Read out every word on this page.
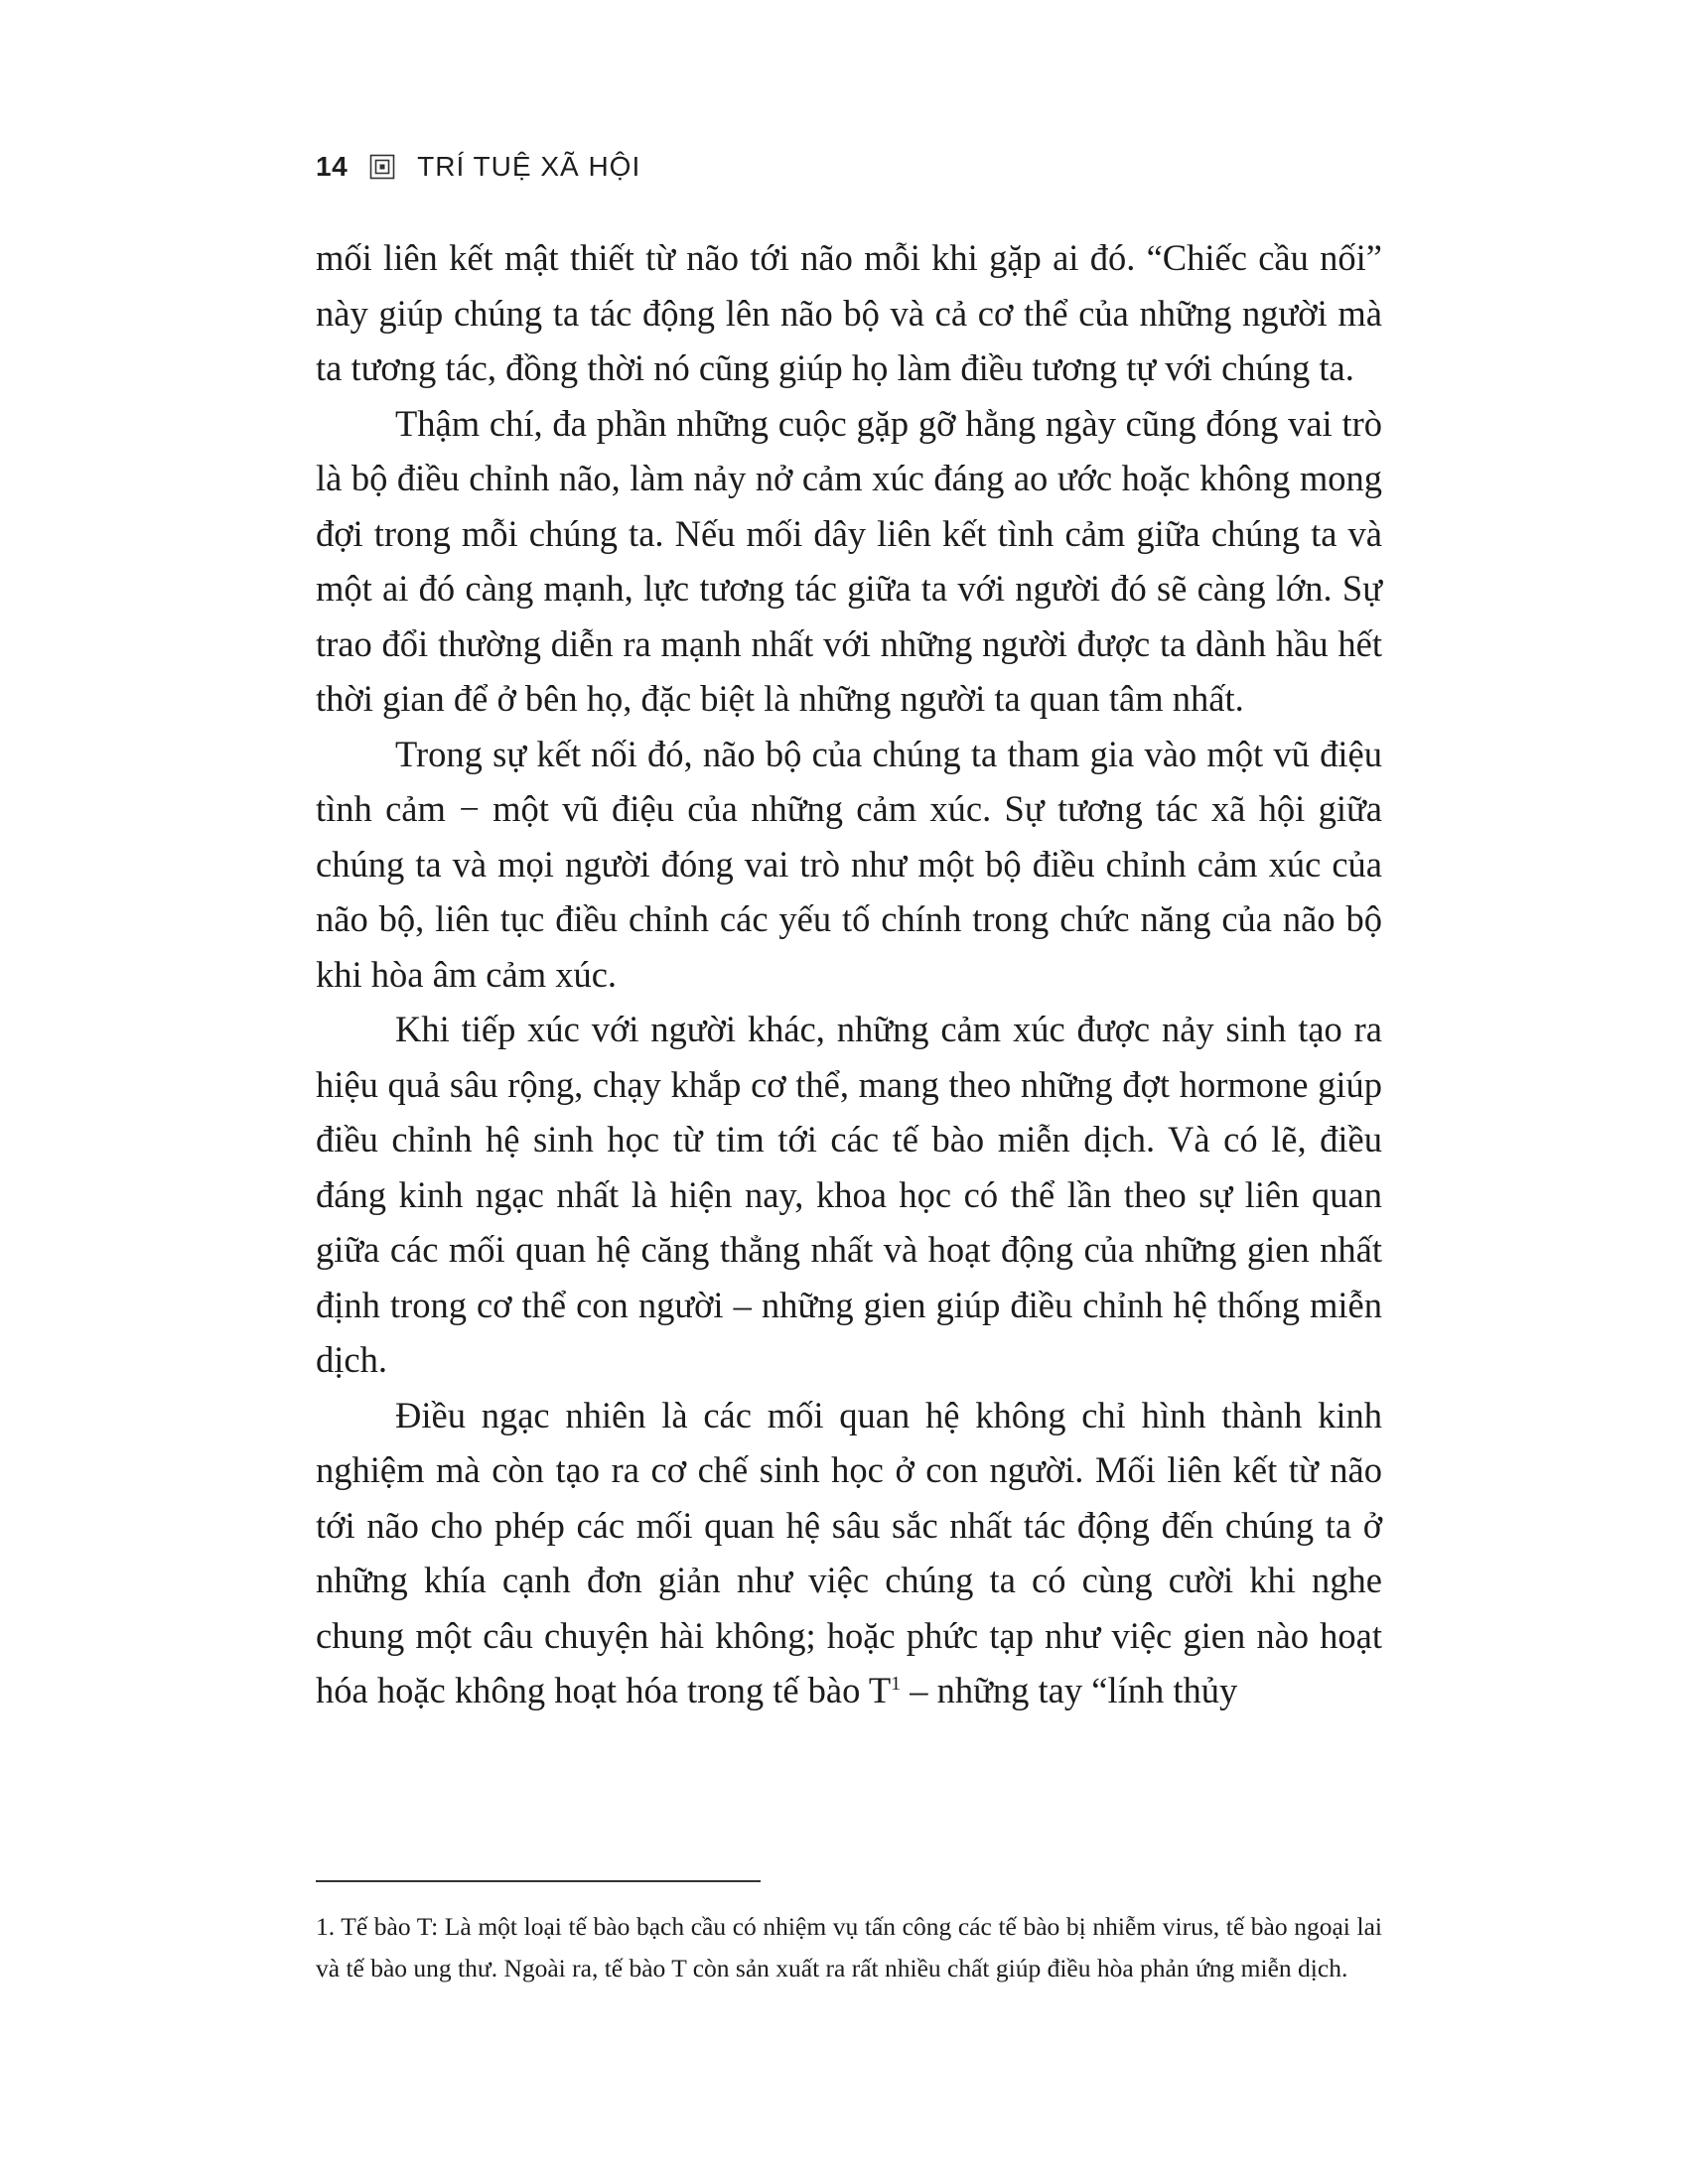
14	TRÍ TUỆ XÃ HỘI

mối liên kết mật thiết từ não tới não mỗi khi gặp ai đó. “Chiếc cầu nối” này giúp chúng ta tác động lên não bộ và cả cơ thể của những người mà ta tương tác, đồng thời nó cũng giúp họ làm điều tương tự với chúng ta.

Thậm chí, đa phần những cuộc gặp gỡ hằng ngày cũng đóng vai trò là bộ điều chỉnh não, làm nảy nở cảm xúc đáng ao ước hoặc không mong đợi trong mỗi chúng ta. Nếu mối dây liên kết tình cảm giữa chúng ta và một ai đó càng mạnh, lực tương tác giữa ta với người đó sẽ càng lớn. Sự trao đổi thường diễn ra mạnh nhất với những người được ta dành hầu hết thời gian để ở bên họ, đặc biệt là những người ta quan tâm nhất.

Trong sự kết nối đó, não bộ của chúng ta tham gia vào một vũ điệu tình cảm − một vũ điệu của những cảm xúc. Sự tương tác xã hội giữa chúng ta và mọi người đóng vai trò như một bộ điều chỉnh cảm xúc của não bộ, liên tục điều chỉnh các yếu tố chính trong chức năng của não bộ khi hòa âm cảm xúc.

Khi tiếp xúc với người khác, những cảm xúc được nảy sinh tạo ra hiệu quả sâu rộng, chạy khắp cơ thể, mang theo những đợt hormone giúp điều chỉnh hệ sinh học từ tim tới các tế bào miễn dịch. Và có lẽ, điều đáng kinh ngạc nhất là hiện nay, khoa học có thể lần theo sự liên quan giữa các mối quan hệ căng thẳng nhất và hoạt động của những gien nhất định trong cơ thể con người – những gien giúp điều chỉnh hệ thống miễn dịch.

Điều ngạc nhiên là các mối quan hệ không chỉ hình thành kinh nghiệm mà còn tạo ra cơ chế sinh học ở con người. Mối liên kết từ não tới não cho phép các mối quan hệ sâu sắc nhất tác động đến chúng ta ở những khía cạnh đơn giản như việc chúng ta có cùng cười khi nghe chung một câu chuyện hài không; hoặc phức tạp như việc gien nào hoạt hóa hoặc không hoạt hóa trong tế bào $T^1$ – những tay “lính thủy

1. Tế bào T: Là một loại tế bào bạch cầu có nhiệm vụ tấn công các tế bào bị nhiễm virus, tế bào ngoại lai và tế bào ung thư. Ngoài ra, tế bào T còn sản xuất ra rất nhiều chất giúp điều hòa phản ứng miễn dịch.
